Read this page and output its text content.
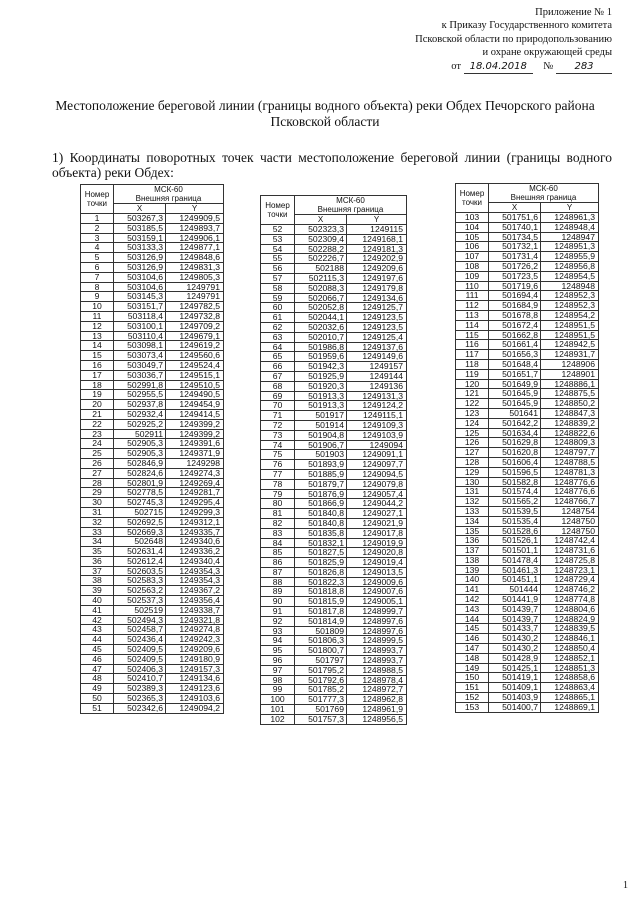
Приложение № 1
к Приказу Государственного комитета
Псковской области по природопользованию
и охране окружающей среды
от 18.04.2018 № 283
Местоположение береговой линии (границы водного объекта) реки Обдех Печорского района Псковской области
1) Координаты поворотных точек части местоположение береговой линии (границы водного объекта) реки Обдех:
Номер точки	МСК-60	
	Внешняя граница	
	X	Y
1	503267,3	1249909,5
2	503185,5	1249893,7
3	503159,1	1249906,1
4	503133,3	1249877,1
5	503126,9	1249848,6
6	503126,9	1249831,3
7	503104,6	1249805,3
8	503104,6	1249791
9	503145,3	1249791
10	503151,7	1249782,5
11	503118,4	1249732,8
12	503100,1	1249709,2
13	503110,4	1249679,1
14	503098,1	1249619,2
15	503073,4	1249560,6
16	503049,7	1249524,4
17	503036,7	1249515,1
18	502991,8	1249510,5
19	502955,5	1249490,5
20	502937,8	1249454,9
21	502932,4	1249414,5
22	502925,2	1249399,2
23	502911	1249399,2
24	502905,3	1249391,6
25	502905,3	1249371,9
26	502846,9	1249298
27	502824,6	1249274,3
28	502801,9	1249269,4
29	502778,5	1249281,7
30	502745,3	1249295,4
31	502715	1249299,3
32	502692,5	1249312,1
33	502669,3	1249335,7
34	502648	1249340,6
35	502631,4	1249336,2
36	502612,4	1249340,4
37	502603,5	1249354,3
38	502583,3	1249354,3
39	502563,2	1249367,2
40	502537,3	1249356,4
41	502519	1249338,7
42	502494,3	1249321,8
43	502458,7	1249274,8
44	502436,4	1249242,3
45	502409,5	1249209,6
46	502409,5	1249180,9
47	502406,3	1249157,3
48	502410,7	1249134,6
49	502389,3	1249123,6
50	502365,3	1249103,6
51	502342,6	1249094,2
Номер точки	МСК-60	
	Внешняя граница	
	X	Y
52	502323,3	1249115
53	502309,4	1249168,1
54	502288,2	1249181,3
55	502226,7	1249202,9
56	502188	1249209,6
57	502115,3	1249197,6
58	502088,3	1249179,8
59	502066,7	1249134,6
60	502052,8	1249125,7
61	502044,1	1249123,5
62	502032,6	1249123,5
63	502010,7	1249125,4
64	501986,8	1249137,6
65	501959,6	1249149,6
66	501942,3	1249157
67	501925,9	1249144
68	501920,3	1249136
69	501913,3	1249131,3
70	501913,3	1249124,2
71	501917	1249115,1
72	501914	1249109,3
73	501904,8	1249103,9
74	501906,7	1249094
75	501903	1249091,1
76	501893,9	1249097,7
77	501885,9	1249094,5
78	501879,7	1249079,8
79	501876,9	1249057,4
80	501866,9	1249044,2
81	501840,8	1249027,1
82	501840,8	1249021,9
83	501835,8	1249017,8
84	501832,1	1249019,9
85	501827,5	1249020,8
86	501825,9	1249019,4
87	501826,8	1249013,5
88	501822,3	1249009,6
89	501818,8	1249007,6
90	501815,9	1249005,1
91	501817,8	1248999,7
92	501814,9	1248997,6
93	501809	1248997,6
94	501806,3	1248999,5
95	501800,7	1248993,7
96	501797	1248993,7
97	501795,2	1248988,5
98	501792,6	1248978,4
99	501785,2	1248972,7
100	501777,3	1248962,8
101	501769	1248961,9
102	501757,3	1248956,5
Номер точки	МСК-60	
	Внешняя граница	
	X	Y
103	501751,6	1248961,3
104	501740,1	1248948,4
105	501734,5	1248947
106	501732,1	1248951,3
107	501731,4	1248955,9
108	501726,2	1248956,8
109	501723,5	1248954,5
110	501719,6	1248948
111	501694,4	1248952,3
112	501684,9	1248952,3
113	501678,8	1248954,2
114	501672,4	1248951,5
115	501662,8	1248951,5
116	501661,4	1248942,5
117	501656,3	1248931,7
118	501648,4	1248906
119	501651,7	1248901
120	501649,9	1248886,1
121	501645,9	1248875,5
122	501645,9	1248850,2
123	501641	1248847,3
124	501642,2	1248839,2
125	501634,4	1248822,6
126	501629,8	1248809,3
127	501620,8	1248797,7
128	501606,4	1248788,5
129	501596,5	1248781,3
130	501582,8	1248776,6
131	501574,4	1248776,6
132	501565,2	1248766,7
133	501539,5	1248754
134	501535,4	1248750
135	501528,6	1248750
136	501526,1	1248742,4
137	501501,1	1248731,6
138	501478,4	1248725,8
139	501461,3	1248723,1
140	501451,1	1248729,4
141	501444	1248746,2
142	501441,9	1248774,8
143	501439,7	1248804,6
144	501439,7	1248824,9
145	501433,7	1248839,5
146	501430,2	1248846,1
147	501430,2	1248850,4
148	501428,9	1248852,1
149	501425,1	1248851,3
150	501419,1	1248858,6
151	501409,1	1248863,4
152	501403,9	1248865,1
153	501400,7	1248869,1
1
